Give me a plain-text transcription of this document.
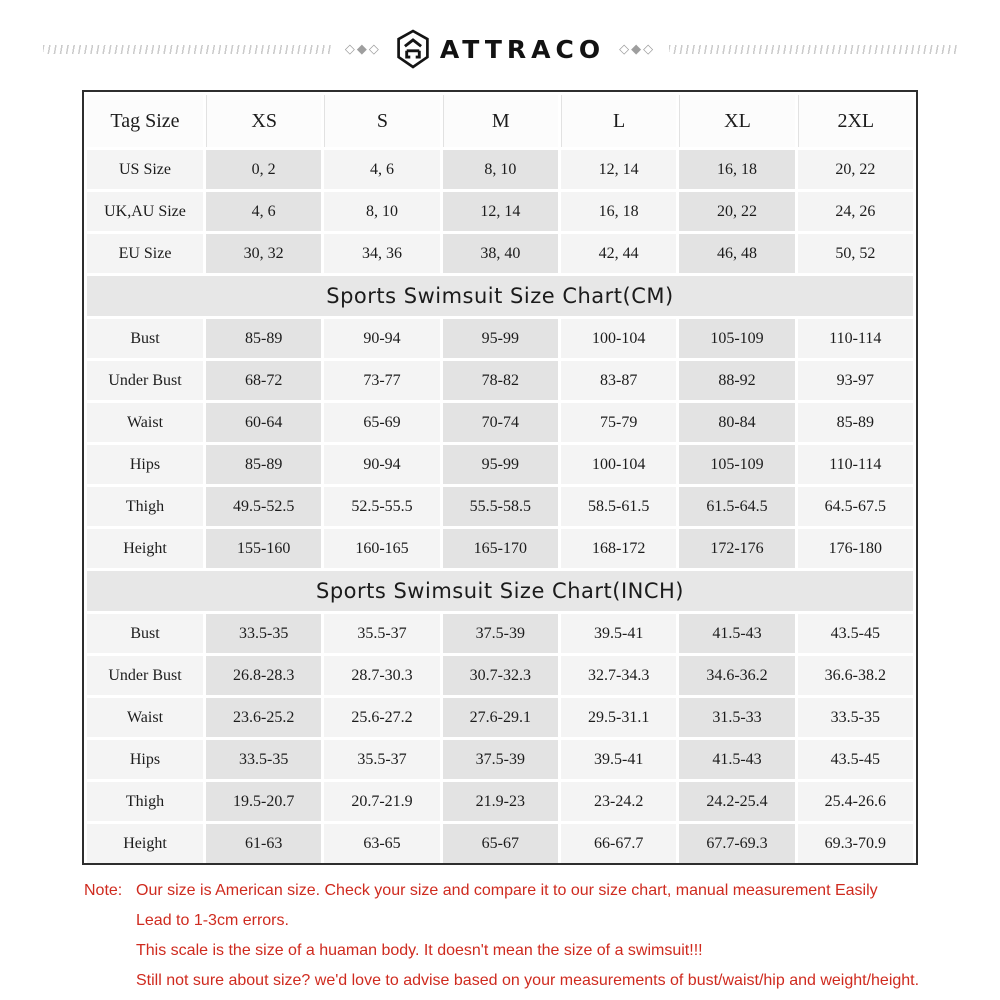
◇◆◇ ATTRACO ◇◆◇
Tag Size	XS	S	M	L	XL	2XL
US Size	0, 2	4, 6	8, 10	12, 14	16, 18	20, 22
UK,AU Size	4, 6	8, 10	12, 14	16, 18	20, 22	24, 26
EU Size	30, 32	34, 36	38, 40	42, 44	46, 48	50, 52
Sports Swimsuit Size Chart(CM)
Bust	85-89	90-94	95-99	100-104	105-109	110-114
Under Bust	68-72	73-77	78-82	83-87	88-92	93-97
Waist	60-64	65-69	70-74	75-79	80-84	85-89
Hips	85-89	90-94	95-99	100-104	105-109	110-114
Thigh	49.5-52.5	52.5-55.5	55.5-58.5	58.5-61.5	61.5-64.5	64.5-67.5
Height	155-160	160-165	165-170	168-172	172-176	176-180
Sports Swimsuit Size Chart(INCH)
Bust	33.5-35	35.5-37	37.5-39	39.5-41	41.5-43	43.5-45
Under Bust	26.8-28.3	28.7-30.3	30.7-32.3	32.7-34.3	34.6-36.2	36.6-38.2
Waist	23.6-25.2	25.6-27.2	27.6-29.1	29.5-31.1	31.5-33	33.5-35
Hips	33.5-35	35.5-37	37.5-39	39.5-41	41.5-43	43.5-45
Thigh	19.5-20.7	20.7-21.9	21.9-23	23-24.2	24.2-25.4	25.4-26.6
Height	61-63	63-65	65-67	66-67.7	67.7-69.3	69.3-70.9
Note: Our size is American size. Check your size and compare it to our size chart, manual measurement Easily
Lead to 1-3cm errors.
This scale is the size of a huaman body. It doesn't mean the size of a swimsuit!!!
Still not sure about size? we'd love to advise based on your measurements of bust/waist/hip and weight/height.
